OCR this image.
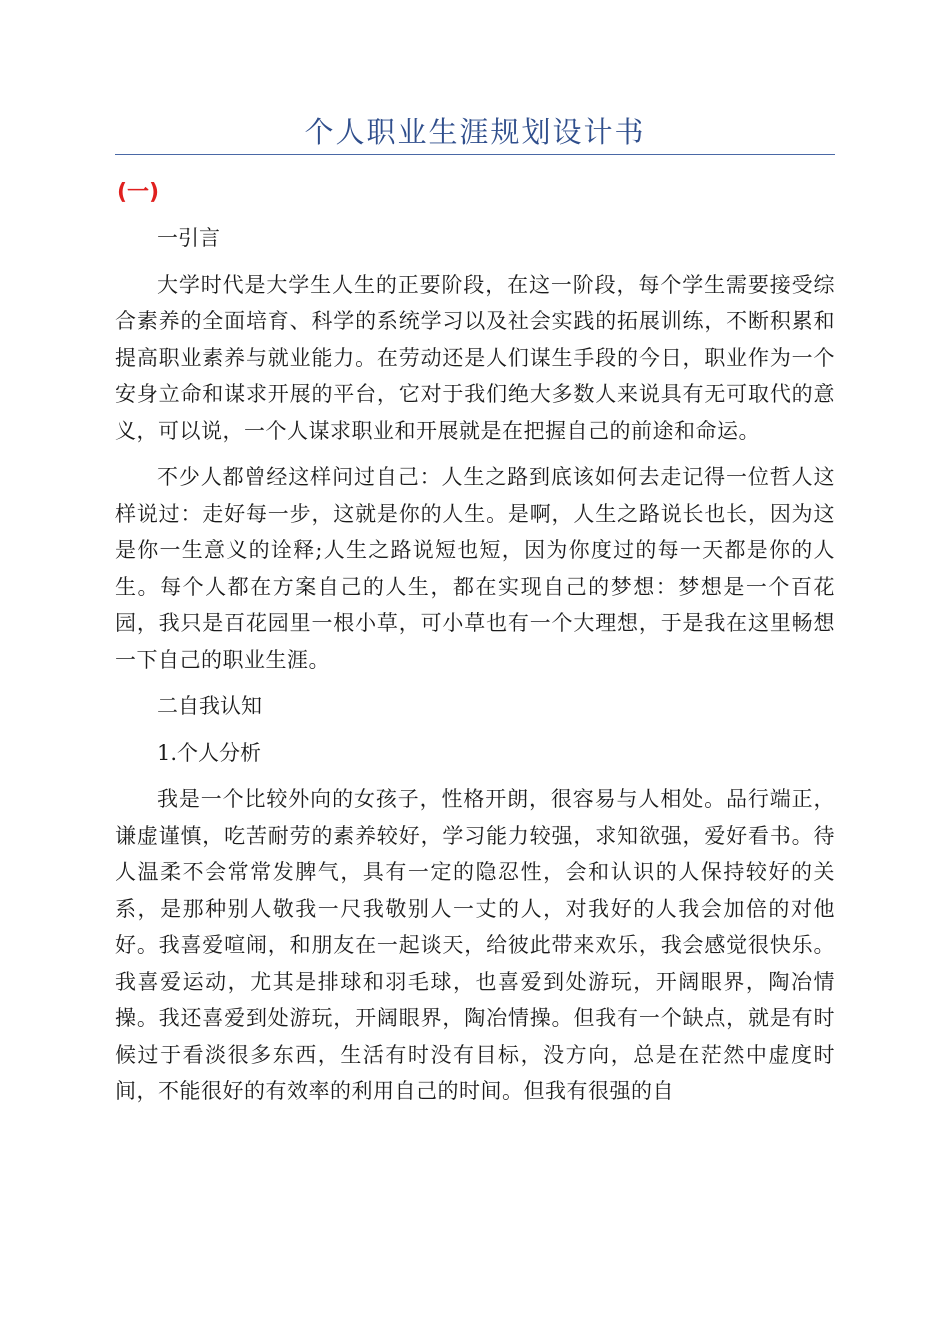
个人职业生涯规划设计书
(一)

一引言

大学时代是大学生人生的正要阶段，在这一阶段，每个学生需要接受综合素养的全面培育、科学的系统学习以及社会实践的拓展训练，不断积累和提高职业素养与就业能力。在劳动还是人们谋生手段的今日，职业作为一个安身立命和谋求开展的平台，它对于我们绝大多数人来说具有无可取代的意义，可以说，一个人谋求职业和开展就是在把握自己的前途和命运。

不少人都曾经这样问过自己：人生之路到底该如何去走记得一位哲人这样说过：走好每一步，这就是你的人生。是啊，人生之路说长也长，因为这是你一生意义的诠释;人生之路说短也短，因为你度过的每一天都是你的人生。每个人都在方案自己的人生，都在实现自己的梦想：梦想是一个百花园，我只是百花园里一根小草，可小草也有一个大理想，于是我在这里畅想一下自己的职业生涯。

二自我认知

1.个人分析

我是一个比较外向的女孩子，性格开朗，很容易与人相处。品行端正，谦虚谨慎，吃苦耐劳的素养较好，学习能力较强，求知欲强，爱好看书。待人温柔不会常常发脾气，具有一定的隐忍性，会和认识的人保持较好的关系，是那种别人敬我一尺我敬别人一丈的人，对我好的人我会加倍的对他好。我喜爱喧闹，和朋友在一起谈天，给彼此带来欢乐，我会感觉很快乐。我喜爱运动，尤其是排球和羽毛球，也喜爱到处游玩，开阔眼界，陶冶情操。我还喜爱到处游玩，开阔眼界，陶冶情操。但我有一个缺点，就是有时候过于看淡很多东西，生活有时没有目标，没方向，总是在茫然中虚度时间，不能很好的有效率的利用自己的时间。但我有很强的自
